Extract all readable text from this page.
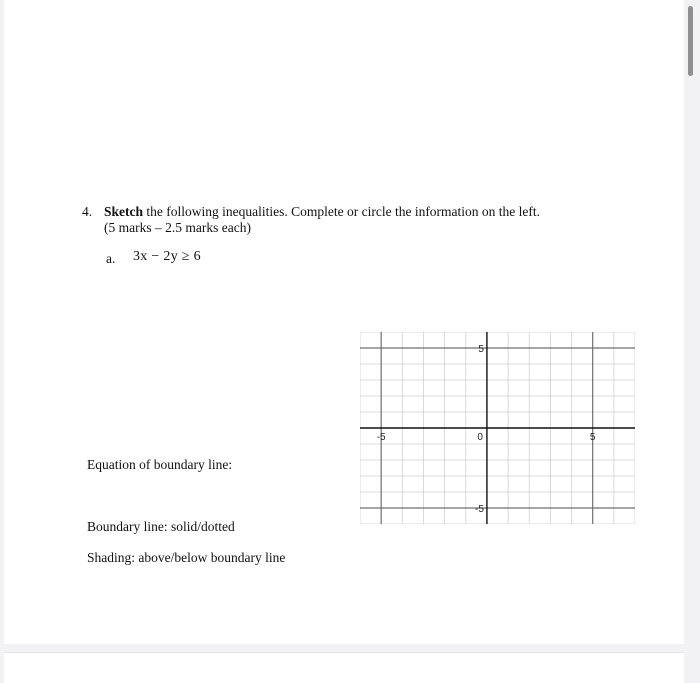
4. Sketch the following inequalities. Complete or circle the information on the left.
(5 marks – 2.5 marks each)
a. 3x − 2y ≥ 6
Equation of boundary line:
Boundary line: solid/dotted
Shading: above/below boundary line
-5	5
5
-5
0
